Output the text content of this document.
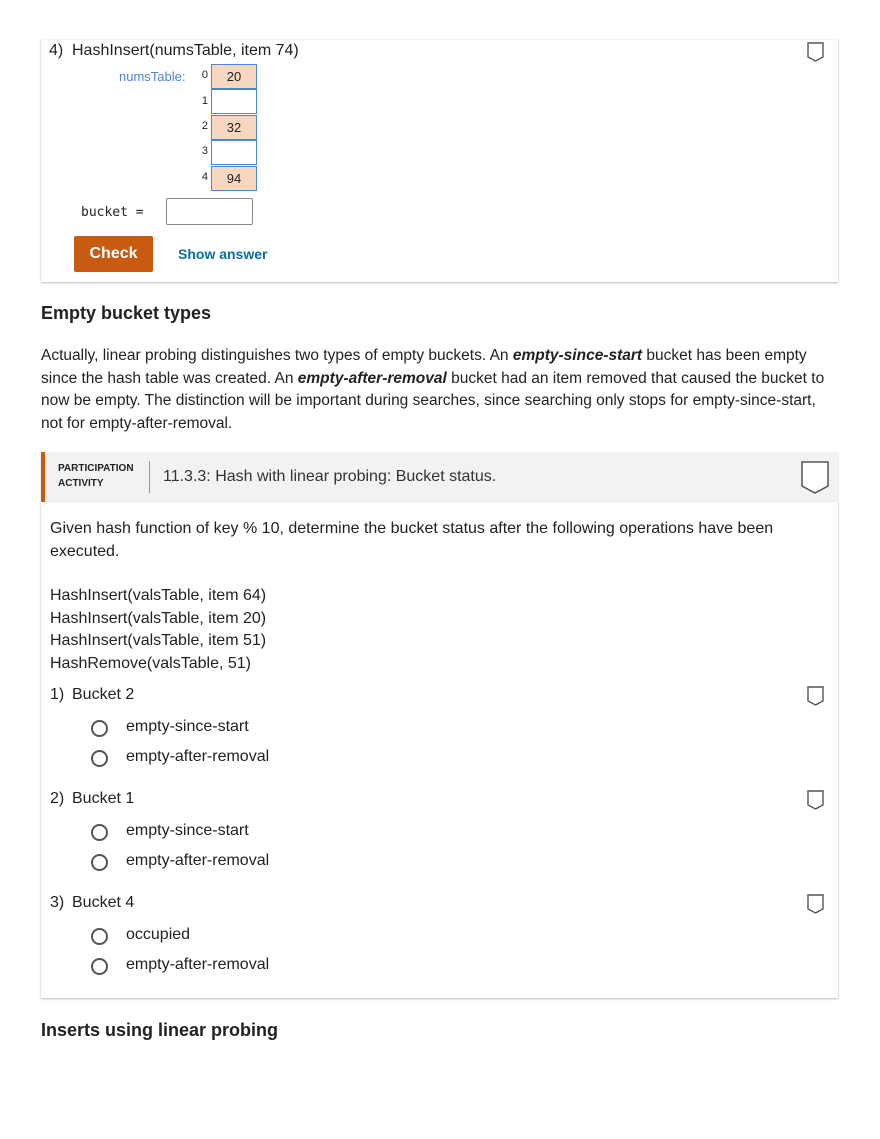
4) HashInsert(numsTable, item 74)
numsTable:	0	20
1
2	32
3
4	94
bucket =
Check	Show answer
Empty bucket types
Actually, linear probing distinguishes two types of empty buckets. An empty-since-start bucket has been empty since the hash table was created. An empty-after-removal bucket had an item removed that caused the bucket to now be empty. The distinction will be important during searches, since searching only stops for empty-since-start, not for empty-after-removal.
PARTICIPATION
ACTIVITY	11.3.3: Hash with linear probing: Bucket status.
Given hash function of key % 10, determine the bucket status after the following operations have been
executed.
HashInsert(valsTable, item 64)
HashInsert(valsTable, item 20)
HashInsert(valsTable, item 51)
HashRemove(valsTable, 51)
1) Bucket 2
empty-since-start
empty-after-removal
2) Bucket 1
empty-since-start
empty-after-removal
3) Bucket 4
occupied
empty-after-removal
Inserts using linear probing
